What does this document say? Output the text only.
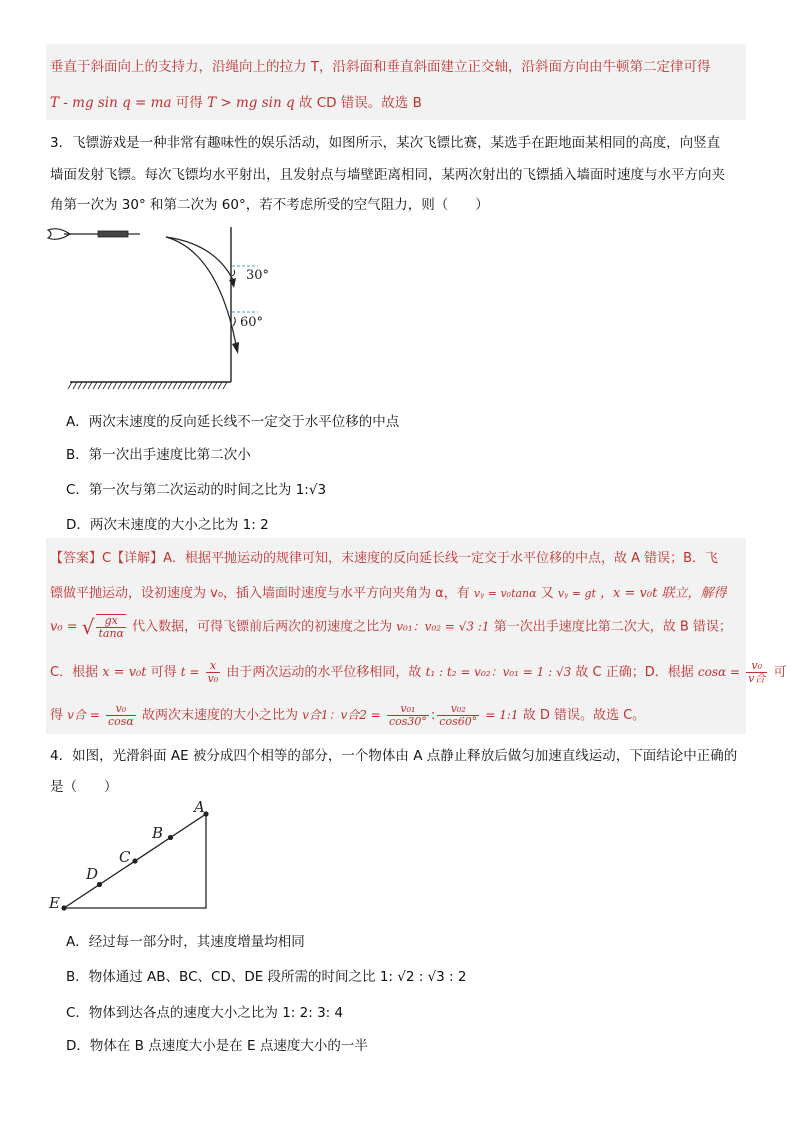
垂直于斜面向上的支持力，沿绳向上的拉力 T，沿斜面和垂直斜面建立正交轴，沿斜面方向由牛顿第二定律可得
T - mg sin q = ma 可得 T > mg sin q 故 CD 错误。故选 B
3．飞镖游戏是一种非常有趣味性的娱乐活动，如图所示，某次飞镖比赛，某选手在距地面某相同的高度，向竖直
墙面发射飞镖。每次飞镖均水平射出，且发射点与墙壁距离相同，某两次射出的飞镖插入墙面时速度与水平方向夹
角第一次为 30° 和第二次为 60°，若不考虑所受的空气阻力，则（　　）
30°
60°
A．两次末速度的反向延长线不一定交于水平位移的中点
B．第一次出手速度比第二次小
C．第一次与第二次运动的时间之比为 1:√3
D．两次末速度的大小之比为 1: 2
【答案】C【详解】A．根据平抛运动的规律可知，末速度的反向延长线一定交于水平位移的中点，故 A 错误；B．飞
镖做平抛运动，设初速度为 v₀，插入墙面时速度与水平方向夹角为 α，有 vᵧ = v₀tanα 又 vᵧ = gt ，x = v₀t 联立，解得
v₀ = √ $\frac{gx}{\tan\alpha}$ 代入数据，可得飞镖前后两次的初速度之比为 v₀₁：v₀₂ = √3 :1 第一次出手速度比第二次大，故 B 错误；
C．根据 x = v₀t 可得 $t = \frac{x}{\text{v₀}}$ 由于两次运动的水平位移相同，故 t₁ : t₂ = v₀₂：v₀₁ = 1 : √3 故 C 正确；D．根据 $\cos\alpha = \frac{\text{v₀}}{\text{v合}}$ 可
得 v合 = $\frac{\text{v₀}}{\cos\alpha}$ 故两次末速度的大小之比为 v合1：v合$2 = \frac{\text{v₀₁}}{\cos 30^\circ}$ : $\frac{\text{v₀₂}}{\cos 60^\circ}$ = 1:1 故 D 错误。故选 C。
4．如图，光滑斜面 AE 被分成四个相等的部分，一个物体由 A 点静止释放后做匀加速直线运动，下面结论中正确的
是（　　）
A
B
C
D
E
A．经过每一部分时，其速度增量均相同
B．物体通过 AB、BC、CD、DE 段所需的时间之比 1: √2 : √3 : 2
C．物体到达各点的速度大小之比为 1: 2: 3: 4
D．物体在 B 点速度大小是在 E 点速度大小的一半
